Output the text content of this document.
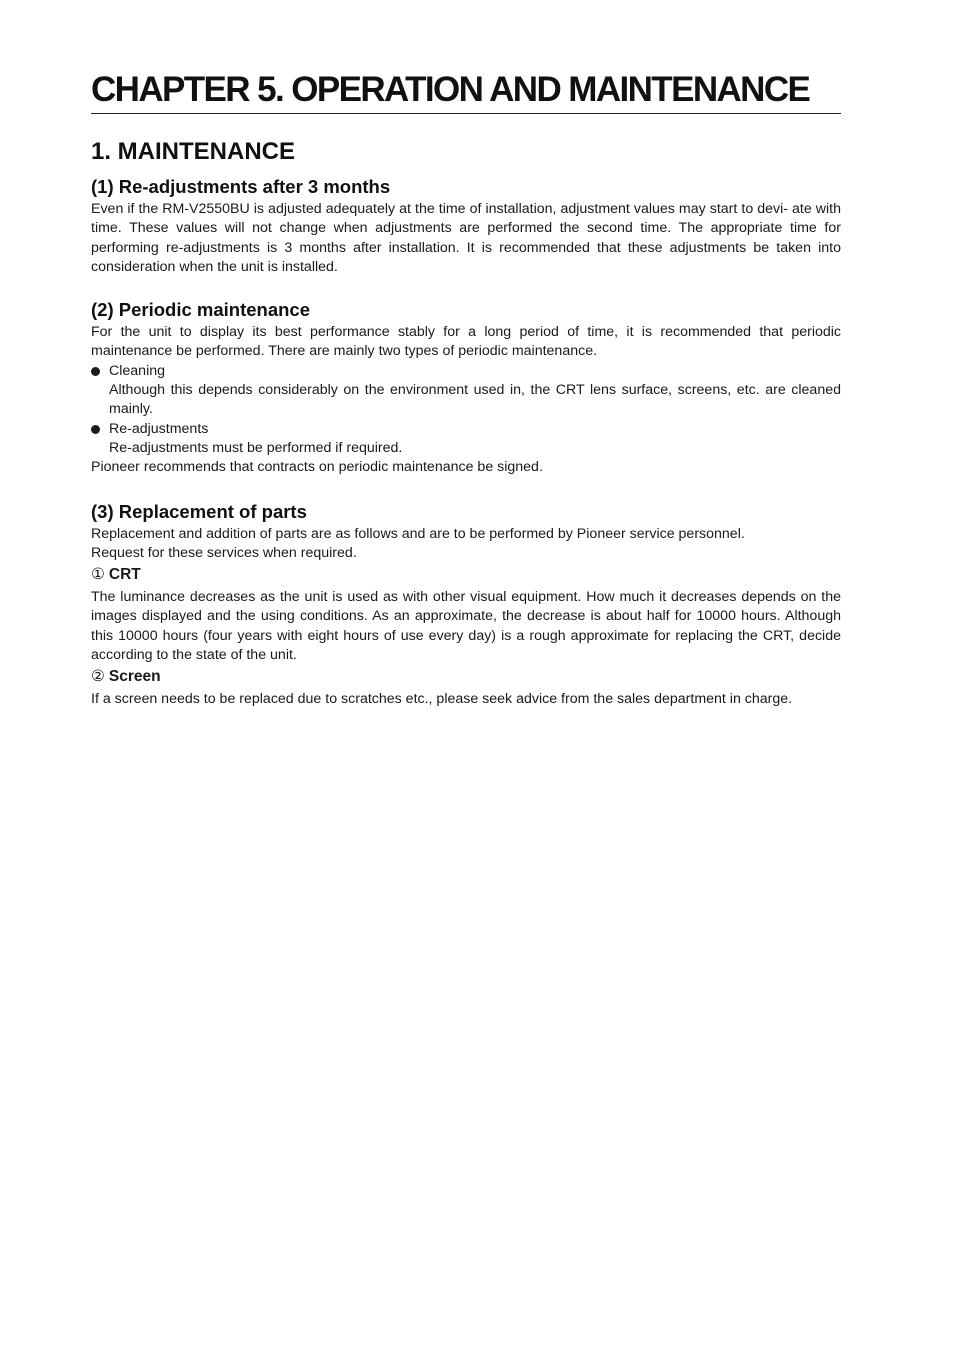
CHAPTER 5. OPERATION AND MAINTENANCE
1. MAINTENANCE
(1) Re-adjustments after 3 months

Even if the RM-V2550BU is adjusted adequately at the time of installation, adjustment values may start to devi- ate with time. These values will not change when adjustments are performed the second time. The appropriate time for performing re-adjustments is 3 months after installation. It is recommended that these adjustments be taken into consideration when the unit is installed.

(2) Periodic maintenance

For the unit to display its best performance stably for a long period of time, it is recommended that periodic maintenance be performed. There are mainly two types of periodic maintenance.

Cleaning

Although this depends considerably on the environment used in, the CRT lens surface, screens, etc. are cleaned mainly.

Re-adjustments

Re-adjustments must be performed if required.

Pioneer recommends that contracts on periodic maintenance be signed.

(3) Replacement of parts

Replacement and addition of parts are as follows and are to be performed by Pioneer service personnel.

Request for these services when required.

① CRT

The luminance decreases as the unit is used as with other visual equipment. How much it decreases depends on the images displayed and the using conditions. As an approximate, the decrease is about half for 10000 hours. Although this 10000 hours (four years with eight hours of use every day) is a rough approximate for replacing the CRT, decide according to the state of the unit.

② Screen

If a screen needs to be replaced due to scratches etc., please seek advice from the sales department in charge.
